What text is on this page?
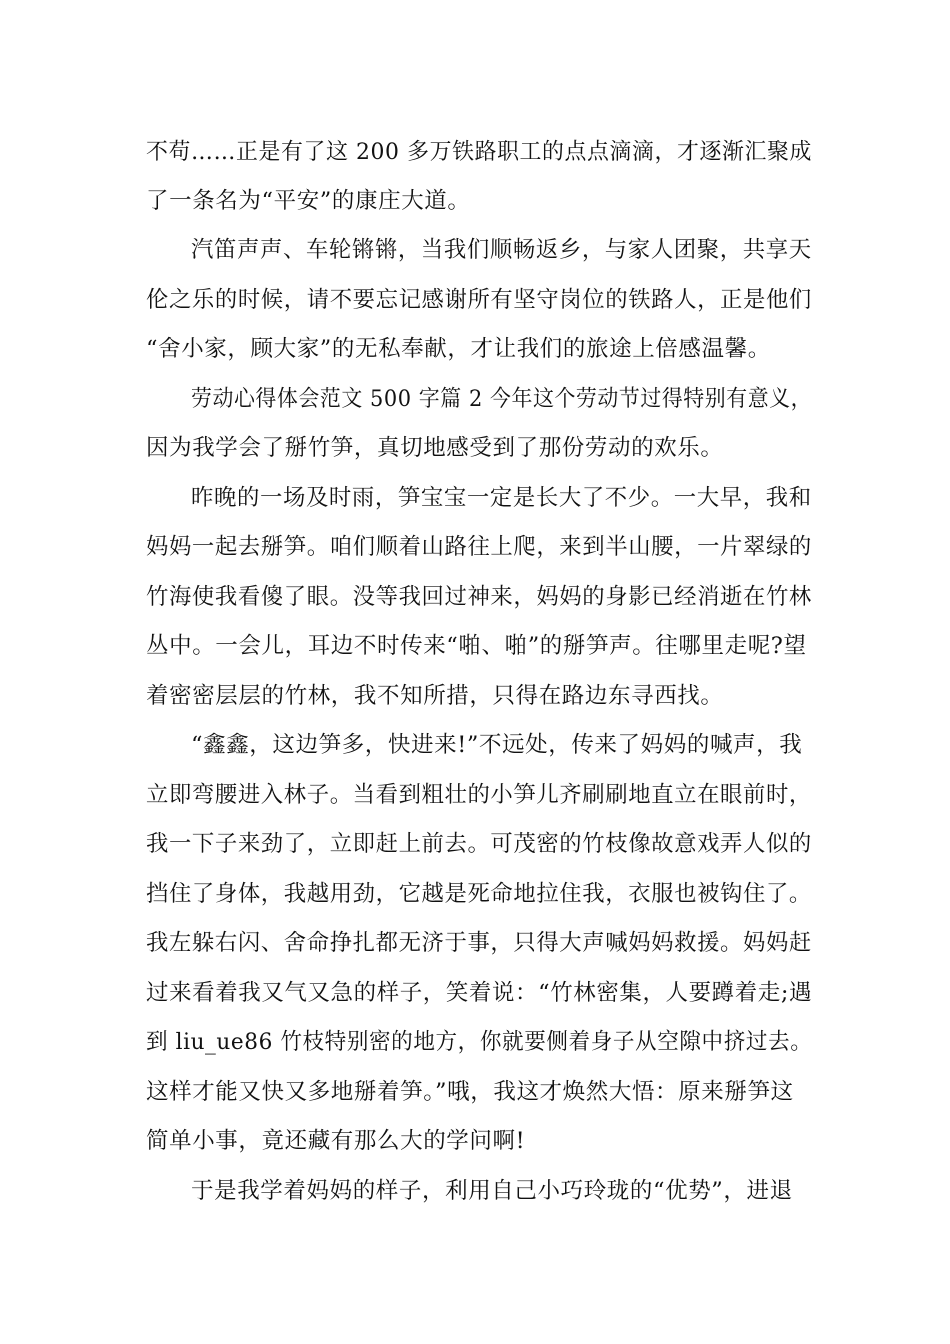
不苟……正是有了这 200 多万铁路职工的点点滴滴，才逐渐汇聚成
了一条名为“平安”的康庄大道。
汽笛声声、车轮锵锵，当我们顺畅返乡，与家人团聚，共享天
伦之乐的时候，请不要忘记感谢所有坚守岗位的铁路人，正是他们
“舍小家，顾大家”的无私奉献，才让我们的旅途上倍感温馨。
劳动心得体会范文 500 字篇 2 今年这个劳动节过得特别有意义，
因为我学会了掰竹笋，真切地感受到了那份劳动的欢乐。
昨晚的一场及时雨，笋宝宝一定是长大了不少。一大早，我和
妈妈一起去掰笋。咱们顺着山路往上爬，来到半山腰，一片翠绿的
竹海使我看傻了眼。没等我回过神来，妈妈的身影已经消逝在竹林
丛中。一会儿，耳边不时传来“啪、啪”的掰笋声。往哪里走呢?望
着密密层层的竹林，我不知所措，只得在路边东寻西找。
“鑫鑫，这边笋多，快进来!”不远处，传来了妈妈的喊声，我
立即弯腰进入林子。当看到粗壮的小笋儿齐刷刷地直立在眼前时，
我一下子来劲了，立即赶上前去。可茂密的竹枝像故意戏弄人似的
挡住了身体，我越用劲，它越是死命地拉住我，衣服也被钩住了。
我左躲右闪、舍命挣扎都无济于事，只得大声喊妈妈救援。妈妈赶
过来看着我又气又急的样子，笑着说：“竹林密集，人要蹲着走;遇
到 liu_ue86 竹枝特别密的地方，你就要侧着身子从空隙中挤过去。
这样才能又快又多地掰着笋。”哦，我这才焕然大悟：原来掰笋这
简单小事，竟还藏有那么大的学问啊!
于是我学着妈妈的样子，利用自己小巧玲珑的“优势”，进退
